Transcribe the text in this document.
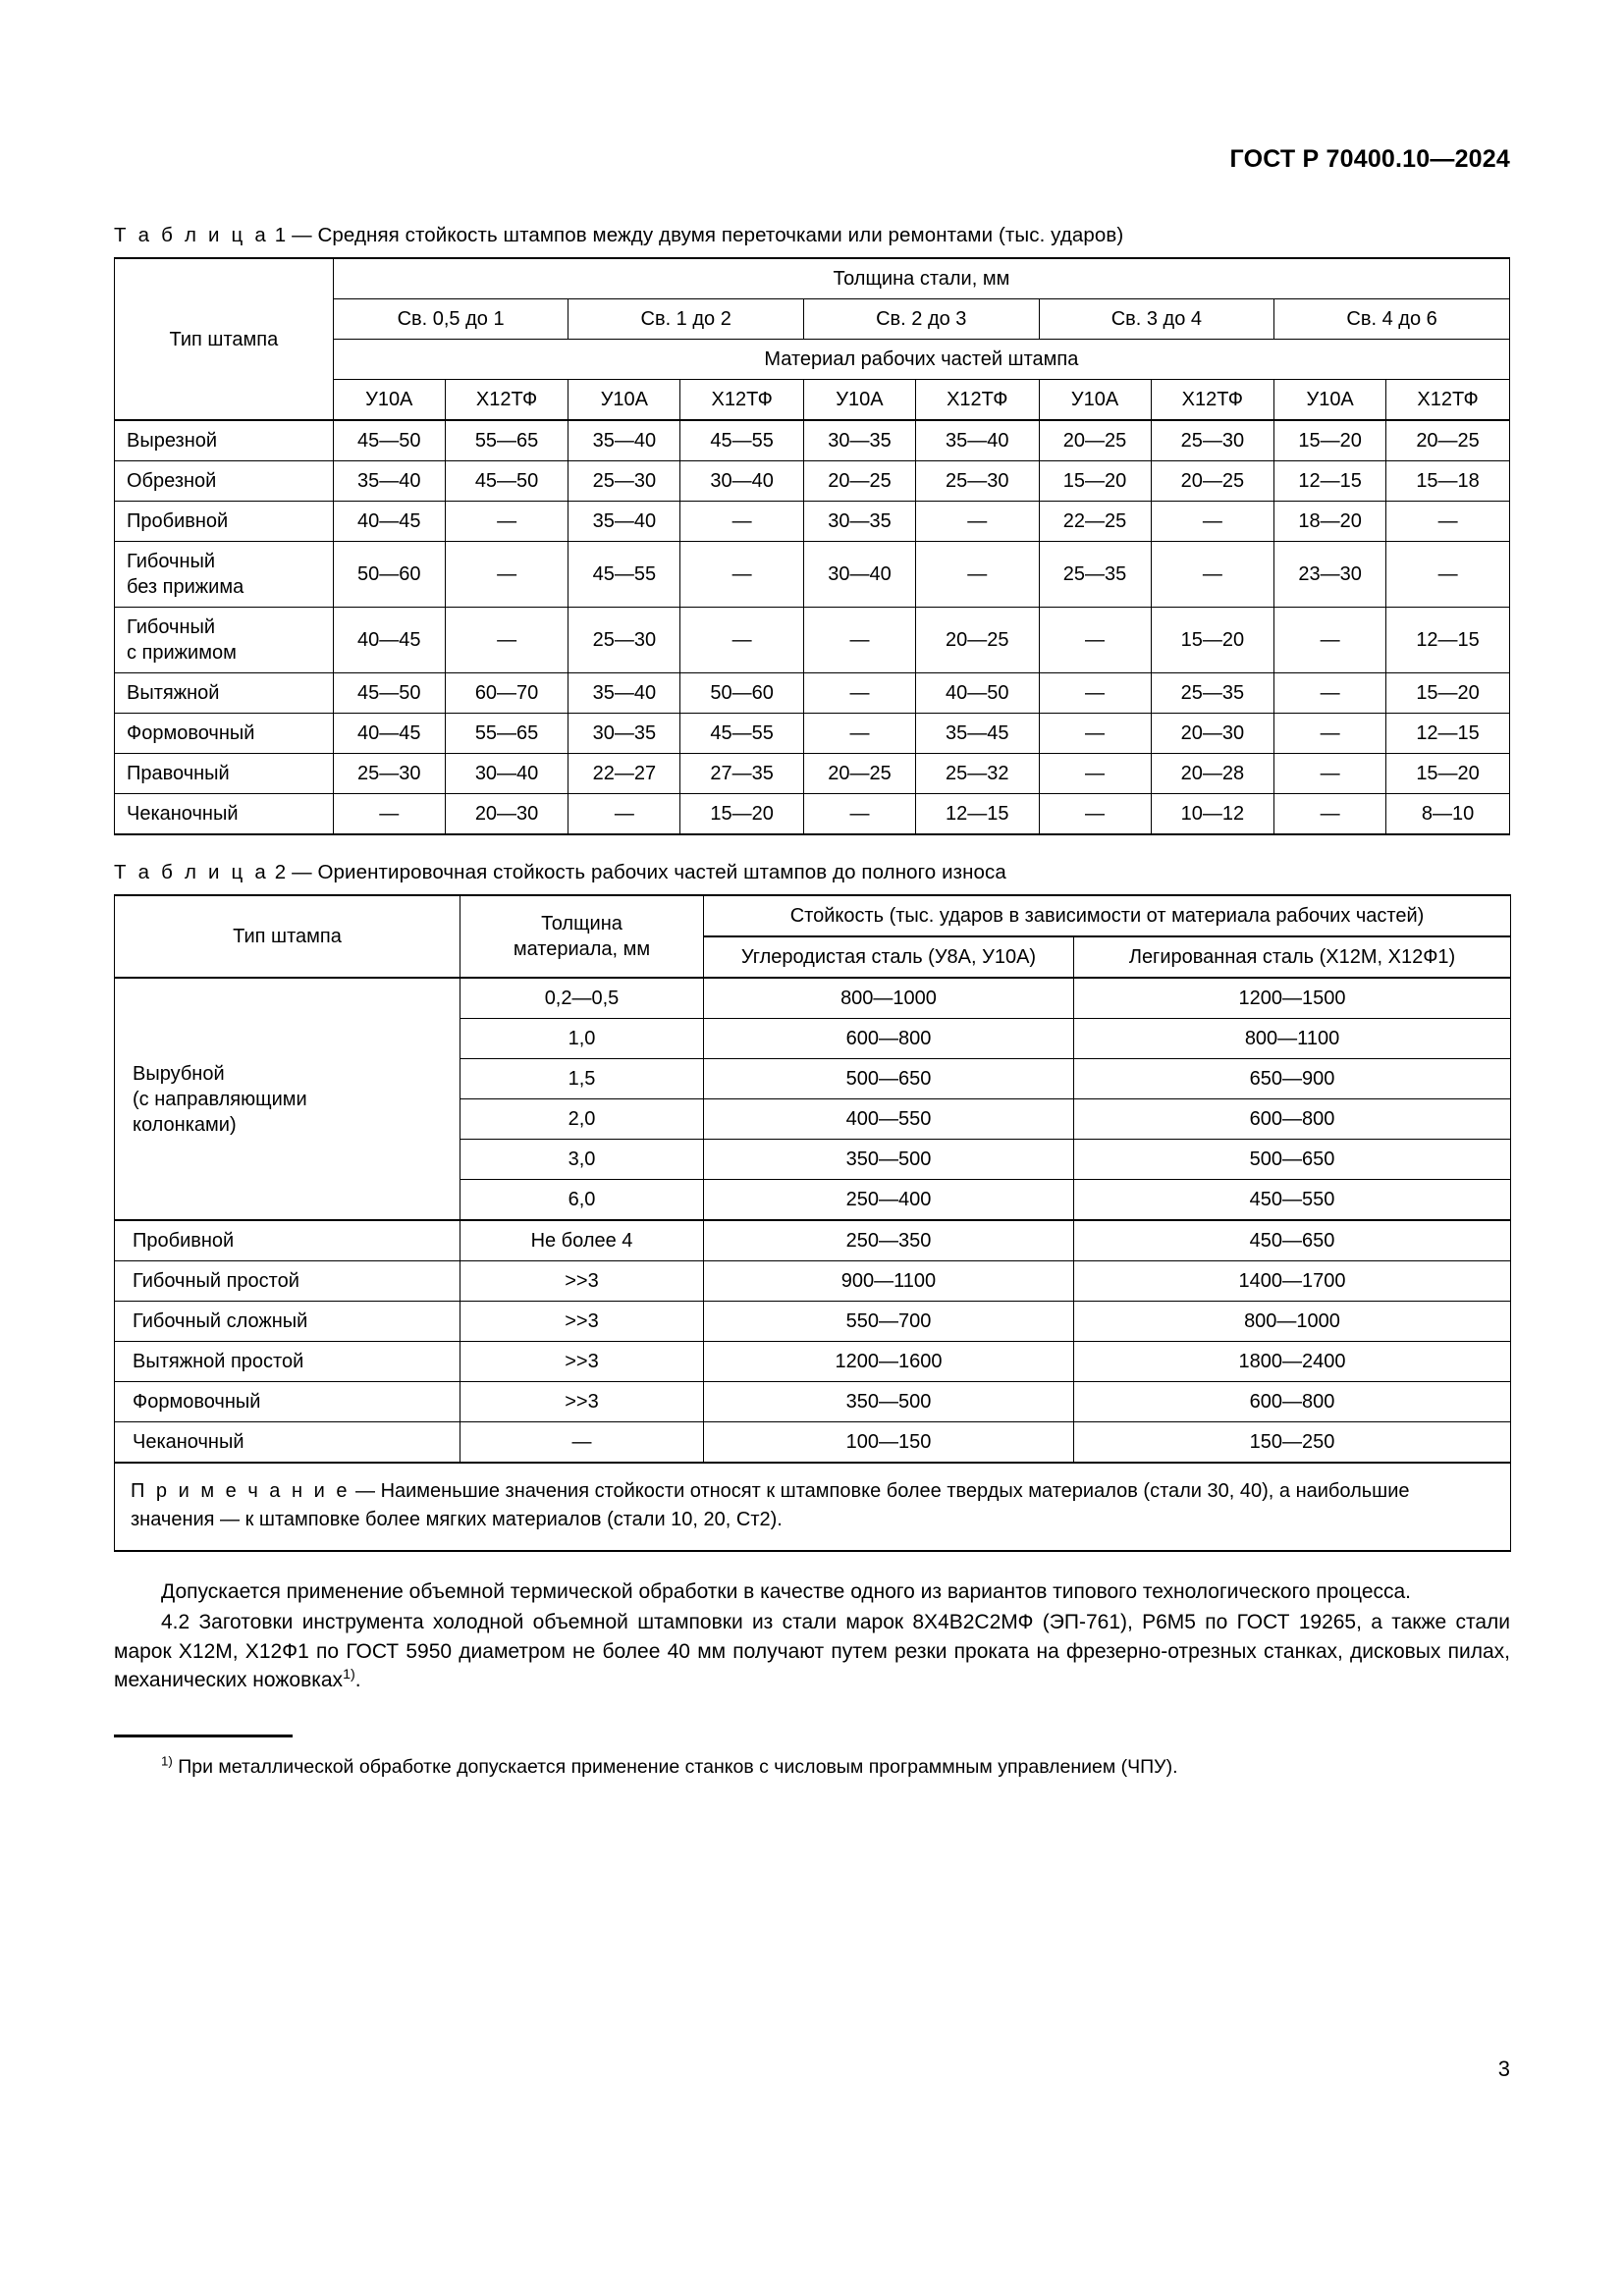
ГОСТ Р 70400.10—2024
Т а б л и ц а 1 — Средняя стойкость штампов между двумя переточками или ремонтами (тыс. ударов)
Тип штампа	Толщина стали, мм									
	Св. 0,5 до 1		Св. 1 до 2		Св. 2 до 3		Св. 3 до 4		Св. 4 до 6	
	Материал рабочих частей штампа									
	У10А	Х12ТФ	У10А	Х12ТФ	У10А	Х12ТФ	У10А	Х12ТФ	У10А	Х12ТФ
Вырезной	45—50	55—65	35—40	45—55	30—35	35—40	20—25	25—30	15—20	20—25
Обрезной	35—40	45—50	25—30	30—40	20—25	25—30	15—20	20—25	12—15	15—18
Пробивной	40—45	—	35—40	—	30—35	—	22—25	—	18—20	—
Гибочный
без прижима	50—60	—	45—55	—	30—40	—	25—35	—	23—30	—
Гибочный
с прижимом	40—45	—	25—30	—	—	20—25	—	15—20	—	12—15
Вытяжной	45—50	60—70	35—40	50—60	—	40—50	—	25—35	—	15—20
Формовочный	40—45	55—65	30—35	45—55	—	35—45	—	20—30	—	12—15
Правочный	25—30	30—40	22—27	27—35	20—25	25—32	—	20—28	—	15—20
Чеканочный	—	20—30	—	15—20	—	12—15	—	10—12	—	8—10
Т а б л и ц а 2 — Ориентировочная стойкость рабочих частей штампов до полного износа
Тип штампа	Толщина
материала, мм	Стойкость (тыс. ударов в зависимости от материала рабочих частей)	
		Углеродистая сталь (У8А, У10А)	Легированная сталь (Х12М, Х12Ф1)
Вырубной
(с направляющими
колонками)	0,2—0,5	800—1000	1200—1500
	1,0	600—800	800—1100
	1,5	500—650	650—900
	2,0	400—550	600—800
	3,0	350—500	500—650
	6,0	250—400	450—550
Пробивной	Не более 4	250—350	450—650
Гибочный простой	>>3	900—1100	1400—1700
Гибочный сложный	>>3	550—700	800—1000
Вытяжной простой	>>3	1200—1600	1800—2400
Формовочный	>>3	350—500	600—800
Чеканочный	—	100—150	150—250
П р и м е ч а н и е — Наименьшие значения стойкости относят к штамповке более твердых материалов (стали 30, 40), а наибольшие значения — к штамповке более мягких материалов (стали 10, 20, Ст2).			

Допускается применение объемной термической обработки в качестве одного из вариантов типового технологического процесса.

4.2 Заготовки инструмента холодной объемной штамповки из стали марок 8Х4В2С2МФ (ЭП-761), Р6М5 по ГОСТ 19265, а также стали марок Х12М, Х12Ф1 по ГОСТ 5950 диаметром не более 40 мм получают путем резки проката на фрезерно-отрезных станках, дисковых пилах, механических ножовках$^{1)}$.

$^{1)}$ При металлической обработке допускается применение станков с числовым программным управлением (ЧПУ).

3
